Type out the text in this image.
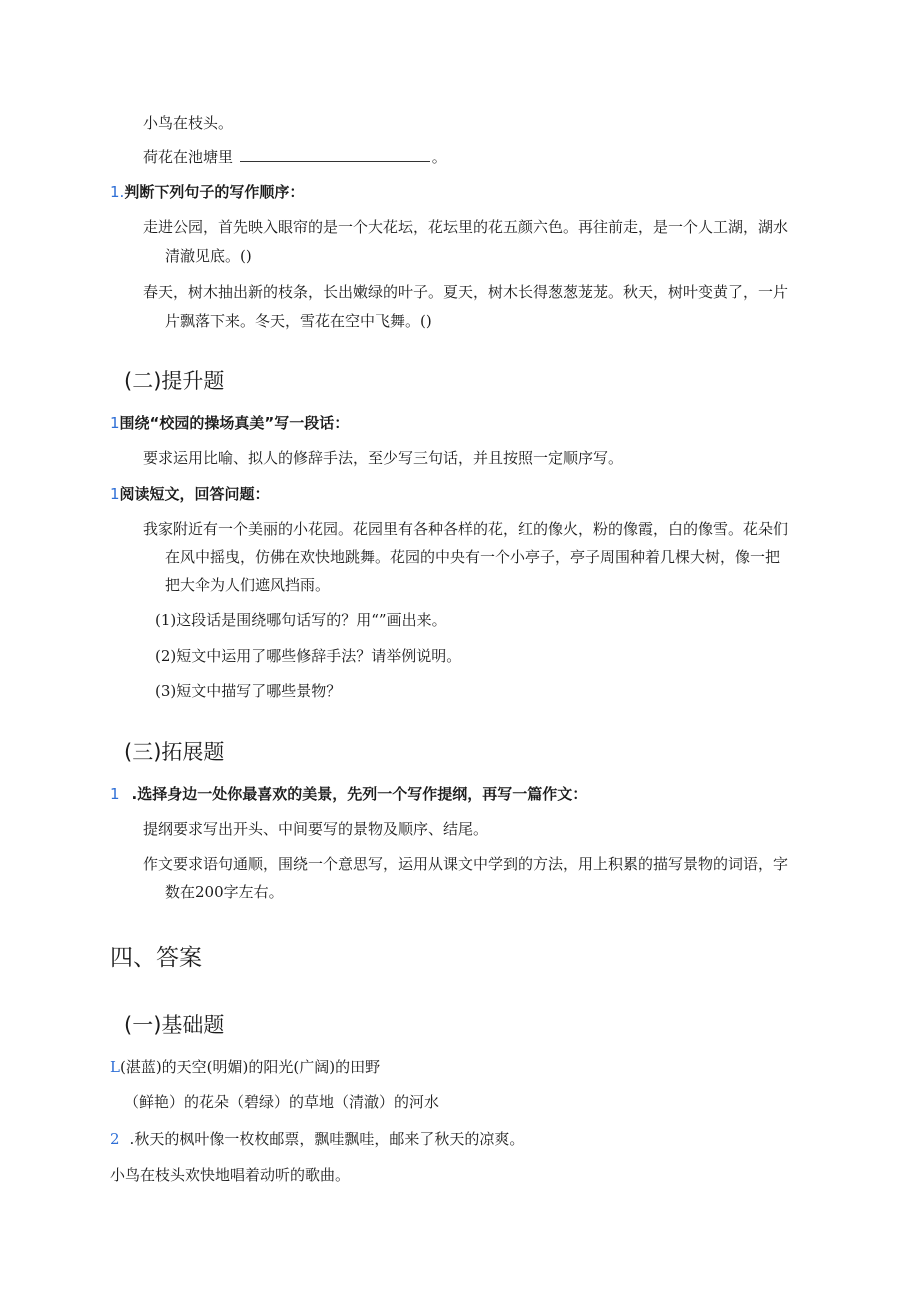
小鸟在枝头。
荷花在池塘里	。
1.判断下列句子的写作顺序：
走进公园，首先映入眼帘的是一个大花坛，花坛里的花五颜六色。再往前走，是一个人工湖，湖水
清澈见底。()
春天，树木抽出新的枝条，长出嫩绿的叶子。夏天，树木长得葱葱茏茏。秋天，树叶变黄了，一片
片飘落下来。冬天，雪花在空中飞舞。()
(二)提升题
1围绕“校园的操场真美”写一段话：
要求运用比喻、拟人的修辞手法，至少写三句话，并且按照一定顺序写。
1阅读短文，回答问题：
我家附近有一个美丽的小花园。花园里有各种各样的花，红的像火，粉的像霞，白的像雪。花朵们
在风中摇曳，仿佛在欢快地跳舞。花园的中央有一个小亭子，亭子周围种着几棵大树，像一把
把大伞为人们遮风挡雨。
(1)这段话是围绕哪句话写的？用“”画出来。
(2)短文中运用了哪些修辞手法？请举例说明。
(3)短文中描写了哪些景物？
(三)拓展题
1 .选择身边一处你最喜欢的美景，先列一个写作提纲，再写一篇作文：
提纲要求写出开头、中间要写的景物及顺序、结尾。
作文要求语句通顺，围绕一个意思写，运用从课文中学到的方法，用上积累的描写景物的词语，字
数在200字左右。
四、答案
(一)基础题
L(湛蓝)的天空(明媚)的阳光(广阔)的田野
（鲜艳）的花朵（碧绿）的草地（清澈）的河水
2 .秋天的枫叶像一枚枚邮票，飘哇飘哇，邮来了秋天的凉爽。
小鸟在枝头欢快地唱着动听的歌曲。
